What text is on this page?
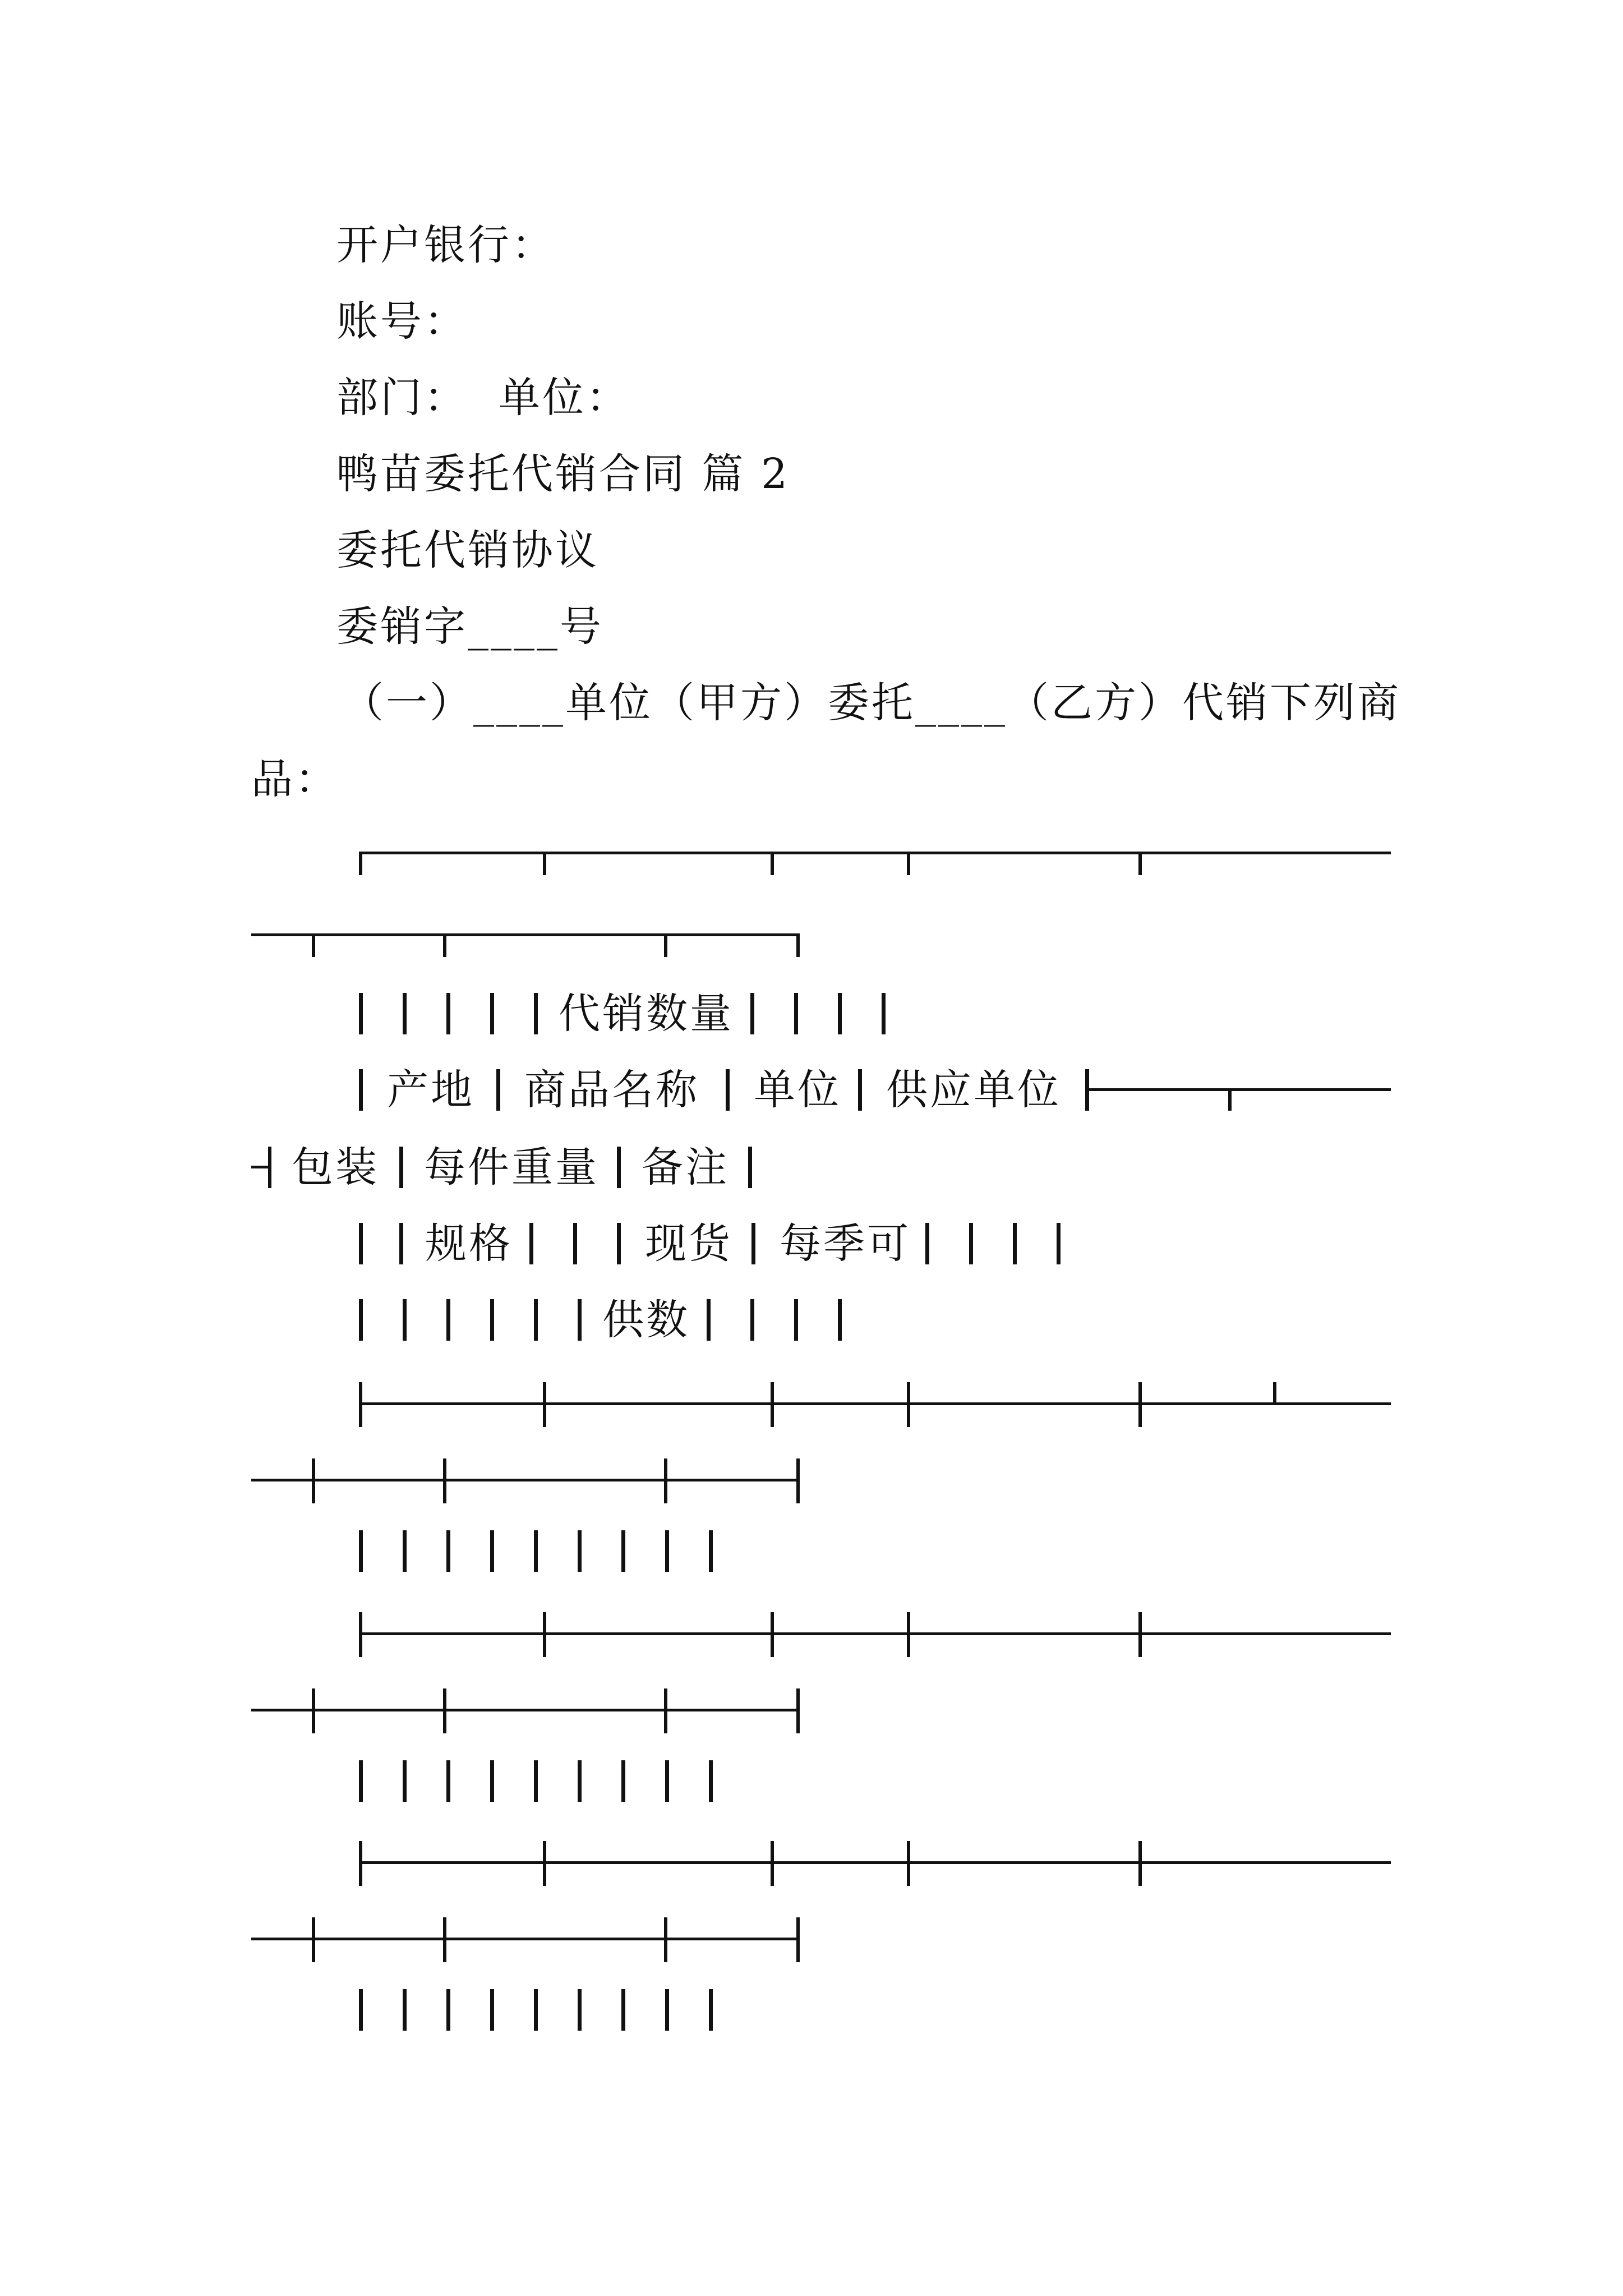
开户银行：
账号：
部门：  单位：
鸭苗委托代销合同 篇 2
委托代销协议
委销字____号
（一）____单位（甲方）委托____（乙方）代销下列商
品：
代销数量
产地 商品名称 单位 供应单位
包装 每件重量 备注
规格	现货 每季可
供数
